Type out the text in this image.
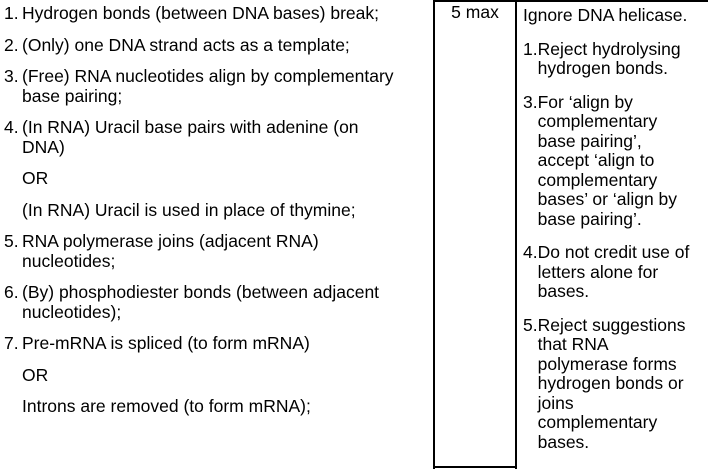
1. Hydrogen bonds (between DNA bases) break;
2. (Only) one DNA strand acts as a template;
3. (Free) RNA nucleotides align by complementary base pairing;
4. (In RNA) Uracil base pairs with adenine (on DNA)
OR
(In RNA) Uracil is used in place of thymine;
5. RNA polymerase joins (adjacent RNA) nucleotides;
6. (By) phosphodiester bonds (between adjacent nucleotides);
7. Pre-mRNA is spliced (to form mRNA)
OR
Introns are removed (to form mRNA);
5 max	Ignore DNA helicase.

1. Reject hydrolysing hydrogen bonds.
3. For ‘align by complementary base pairing’, accept ‘align to complementary bases’ or ‘align by base pairing’.
4. Do not credit use of letters alone for bases.
5. Reject suggestions that RNA polymerase forms hydrogen bonds or joins complementary bases.
